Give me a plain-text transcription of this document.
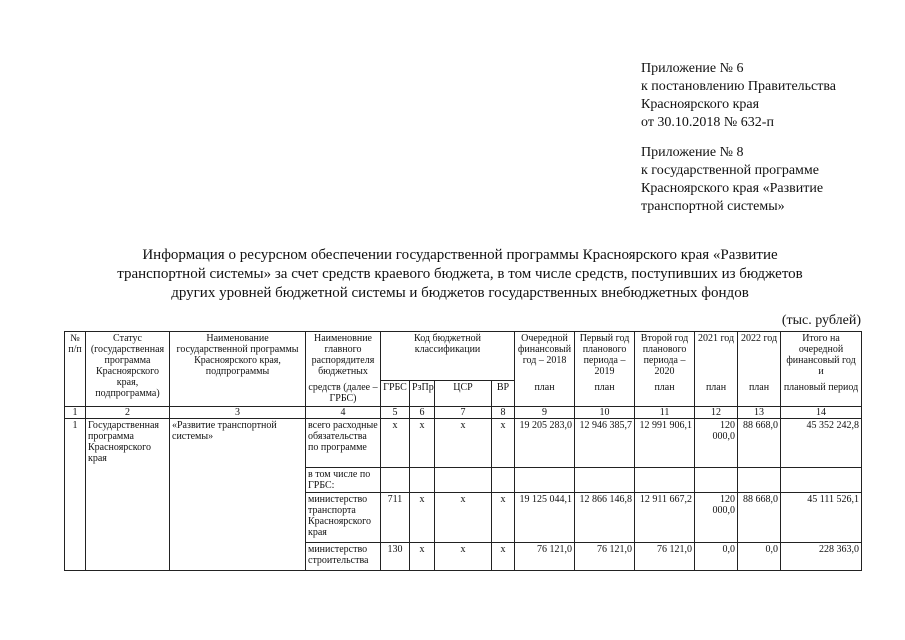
Приложение № 6
к постановлению Правительства
Красноярского края
от 30.10.2018 № 632-п
Приложение № 8
к государственной программе
Красноярского края «Развитие
транспортной системы»
Информация о ресурсном обеспечении государственной программы Красноярского края «Развитие
транспортной системы» за счет средств краевого бюджета, в том числе средств, поступивших из бюджетов
других уровней бюджетной системы и бюджетов государственных внебюджетных фондов
(тыс. рублей)
№ п/п	Статус (государственная программа Красноярского края, подпрограмма)	Наименование государственной программы Красноярского края, подпрограммы	Наименовние главного распорядителя бюджетных	Код бюджетной классификации				Очередной финансовый год – 2018	Первый год планового периода – 2019	Второй год планового периода – 2020	2021 год	2022 год	Итого на очередной финансовый год и
			средств (далее – ГРБС)	ГРБС	РзПр	ЦСР	ВР	план	план	план	план	план	плановый период
1	2	3	4	5	6	7	8	9	10	11	12	13	14
1	Государственная программа Красноярского края	«Развитие транспортной системы»	всего расходные обязательства по программе	х	х	х	х	19 205 283,0	12 946 385,7	12 991 906,1	120 000,0	88 668,0	45 352 242,8
			в том числе по ГРБС:										
			министерство транспорта Красноярского края	711	х	х	х	19 125 044,1	12 866 146,8	12 911 667,2	120 000,0	88 668,0	45 111 526,1
			министерство строительства	130	х	х	х	76 121,0	76 121,0	76 121,0	0,0	0,0	228 363,0
